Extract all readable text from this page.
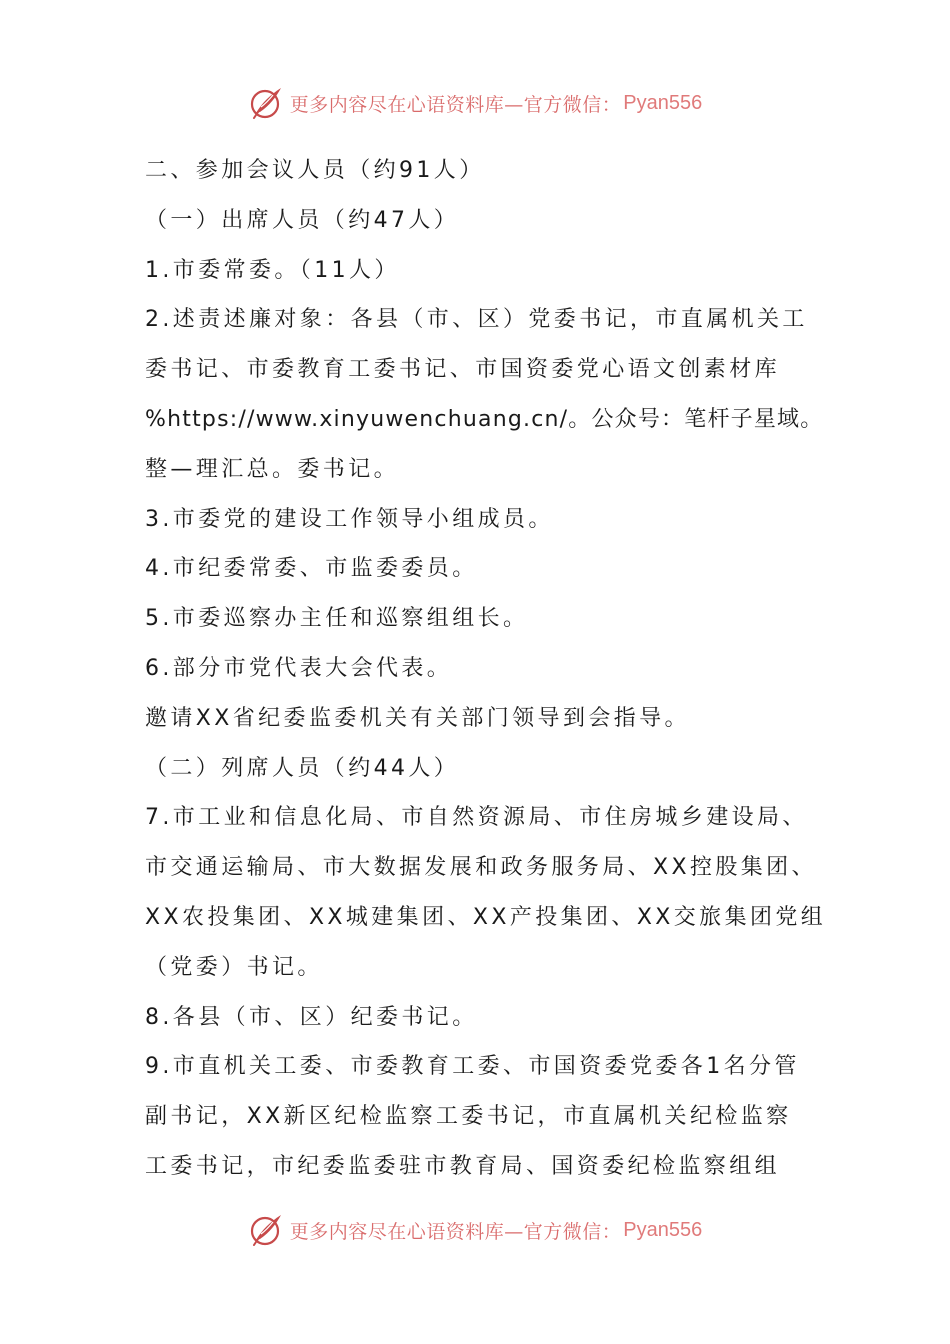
更多内容尽在心语资料库—官方微信： Pyan556
二、参加会议人员（约91人）
（一）出席人员（约47人）
1.市委常委。（11人）
2.述责述廉对象：各县（市、区）党委书记，市直属机关工
委书记、市委教育工委书记、市国资委党心语文创素材库
%https://www.xinyuwenchuang.cn/。公众号：笔杆子星域。
整—理汇总。委书记。
3.市委党的建设工作领导小组成员。
4.市纪委常委、市监委委员。
5.市委巡察办主任和巡察组组长。
6.部分市党代表大会代表。
邀请XX省纪委监委机关有关部门领导到会指导。
（二）列席人员（约44人）
7.市工业和信息化局、市自然资源局、市住房城乡建设局、
市交通运输局、市大数据发展和政务服务局、XX控股集团、
XX农投集团、XX城建集团、XX产投集团、XX交旅集团党组
（党委）书记。
8.各县（市、区）纪委书记。
9.市直机关工委、市委教育工委、市国资委党委各1名分管
副书记，XX新区纪检监察工委书记，市直属机关纪检监察
工委书记，市纪委监委驻市教育局、国资委纪检监察组组
更多内容尽在心语资料库—官方微信： Pyan556
